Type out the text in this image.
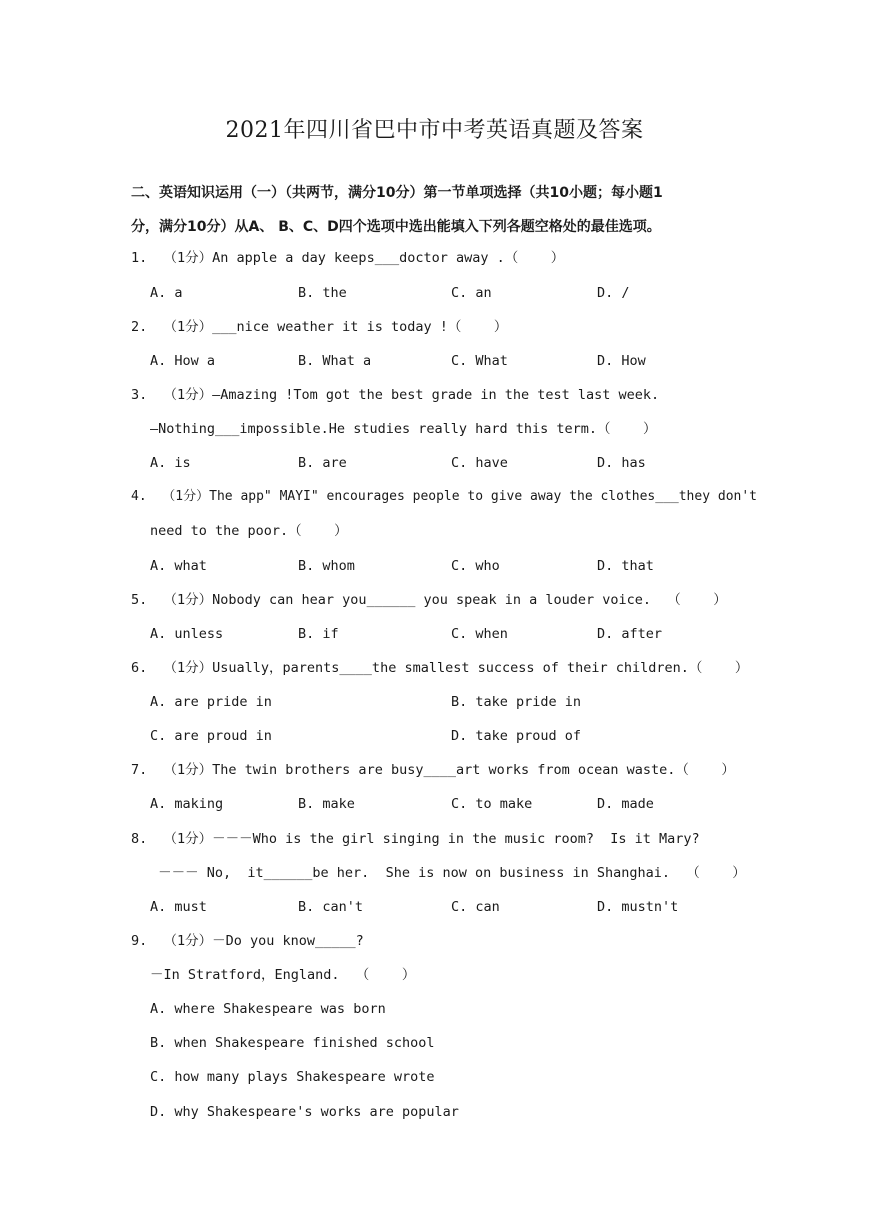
2021年四川省巴中市中考英语真题及答案
二、英语知识运用（一）（共两节，满分10分）第一节单项选择（共10小题；每小题1
分，满分10分）从A、 B、C、D四个选项中选出能填入下列各题空格处的最佳选项。
1.  （1分）An apple a day keeps___doctor away .（    ）
A. a	B. the	C. an	D. /
2.  （1分）___nice weather it is today !（    ）
A. How a	B. What a	C. What	D. How
3.  （1分）—Amazing !Tom got the best grade in the test last week.
—Nothing___impossible.He studies really hard this term.（    ）
A. is	B. are	C. have	D. has
4.  （1分）The app" MAYI" encourages people to give away the clothes___they don't
need to the poor.（    ）
A. what	B. whom	C. who	D. that
5.  （1分）Nobody can hear you______ you speak in a louder voice.  （    ）
A. unless	B. if	C. when	D. after
6.  （1分）Usually，parents____the smallest success of their children.（    ）
A. are pride in	B. take pride in
C. are proud in	D. take proud of
7.  （1分）The twin brothers are busy____art works from ocean waste.（    ）
A. making	B. make	C. to make	D. made
8.  （1分）－－－Who is the girl singing in the music room?  Is it Mary?
－－－ No,  it______be her.  She is now on business in Shanghai.  （    ）
A. must	B. can't	C. can	D. mustn't
9.  （1分）－Do you know_____?
－In Stratford，England.  （    ）
A. where Shakespeare was born
B. when Shakespeare finished school
C. how many plays Shakespeare wrote
D. why Shakespeare's works are popular
